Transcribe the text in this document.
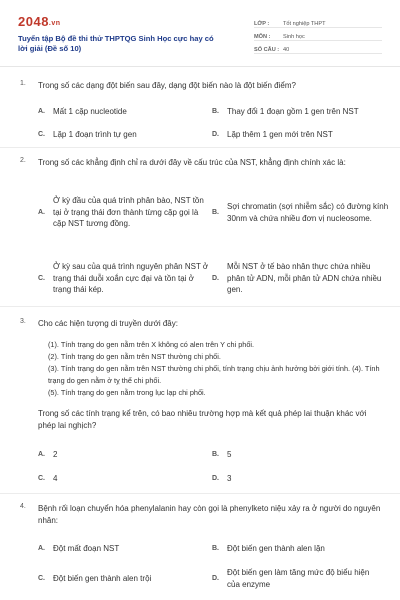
2048.vn
Tuyển tập Bộ đề thi thử THPTQG Sinh Học cực hay có lời giải (Đề số 10)
LỚP :	Tốt nghiệp THPT
MÔN :	Sinh học
SỐ CÂU : 40
1. Trong số các dạng đột biến sau đây, dạng đột biến nào là đột biến điểm?
A.	Mất 1 cặp nucleotide	B.	Thay đổi 1 đoạn gồm 1 gen trên NST
C.	Lặp 1 đoạn trình tự gen	D.	Lặp thêm 1 gen mới trên NST
2. Trong số các khẳng định chỉ ra dưới đây về cấu trúc của NST, khẳng định chính xác là:
A.
Ở kỳ đầu của quá trình phân bào, NST tồn tại ở trạng thái đơn thành từng cặp gọi là cặp NST tương đồng.
B.
Sợi chromatin (sợi nhiễm sắc) có đường kính 30nm và chứa nhiều đơn vị nucleosome.
C.
Ở kỳ sau của quá trình nguyên phân NST ở trạng thái duỗi xoắn cực đại và tồn tại ở trạng thái kép.
D.
Mỗi NST ở tế bào nhân thực chứa nhiều phân tử ADN, mỗi phân tử ADN chứa nhiều gen.
3. Cho các hiện tượng di truyền dưới đây:
(1). Tính trạng do gen nằm trên X không có alen trên Y chi phối.
(2). Tính trạng do gen nằm trên NST thường chi phối.
(3). Tính trạng do gen nằm trên NST thường chi phối, tính trạng chịu ảnh hưởng bởi giới tính. (4). Tính trạng do gen nằm ở tỵ thể chi phối.
(5). Tính trạng do gen nằm trong lục lạp chi phối.
Trong số các tính trạng kể trên, có bao nhiêu trường hợp mà kết quả phép lai thuận khác với phép lai nghịch?
A.	2	B.	5
C.	4	D.	3
4. Bệnh rối loạn chuyển hóa phenylalanin hay còn gọi là phenylketo niệu xảy ra ở người do nguyên nhân:
A.	Đột mất đoạn NST	B.	Đột biến gen thành alen lặn
C.	Đột biến gen thành alen trội	D.
Đột biến gen làm tăng mức độ biểu hiện của enzyme
